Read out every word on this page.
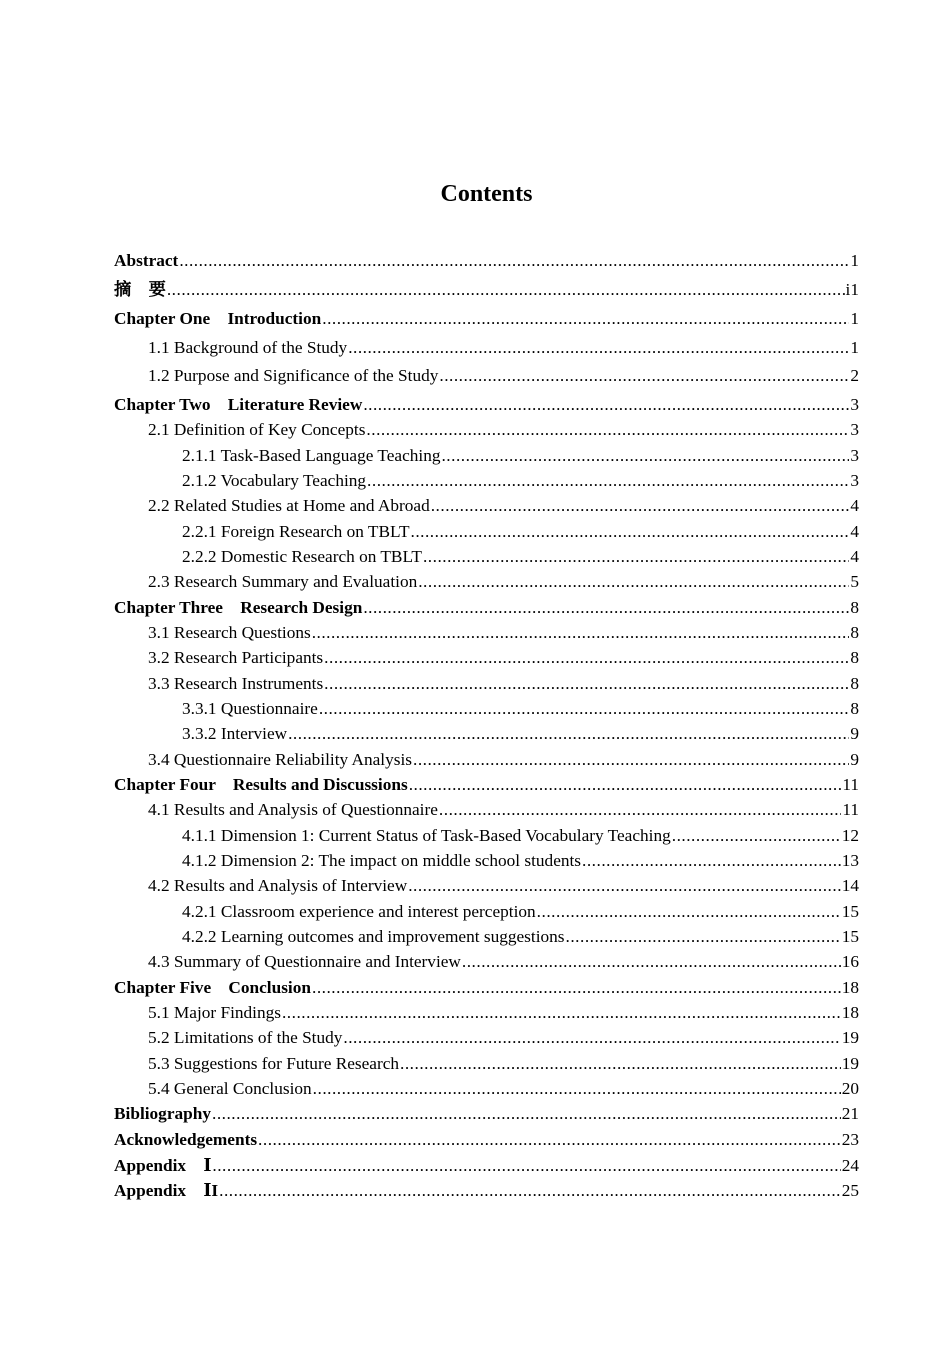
Contents
Abstract .....	1
摘　要 .....	i1
Chapter One　Introduction .....	1
1.1 Background of the Study .....	1
1.2 Purpose and Significance of the Study .....	2
Chapter Two　Literature Review .....	3
2.1 Definition of Key Concepts .....	3
2.1.1 Task-Based Language Teaching .....	3
2.1.2 Vocabulary Teaching .....	3
2.2 Related Studies at Home and Abroad .....	4
2.2.1 Foreign Research on TBLT .....	4
2.2.2 Domestic Research on TBLT .....	4
2.3 Research Summary and Evaluation .....	5
Chapter Three　Research Design .....	8
3.1 Research Questions .....	8
3.2 Research Participants .....	8
3.3 Research Instruments .....	8
3.3.1 Questionnaire .....	8
3.3.2 Interview .....	9
3.4 Questionnaire Reliability Analysis .....	9
Chapter Four　Results and Discussions .....	11
4.1 Results and Analysis of Questionnaire .....	11
4.1.1 Dimension 1: Current Status of Task-Based Vocabulary Teaching .....	12
4.1.2 Dimension 2: The impact on middle school students .....	13
4.2 Results and Analysis of Interview .....	14
4.2.1 Classroom experience and interest perception .....	15
4.2.2 Learning outcomes and improvement suggestions .....	15
4.3 Summary of Questionnaire and Interview .....	16
Chapter Five　Conclusion .....	18
5.1 Major Findings .....	18
5.2 Limitations of the Study .....	19
5.3 Suggestions for Future Research .....	19
5.4 General Conclusion .....	20
Bibliography .....	21
Acknowledgements .....	23
Appendix　Ⅰ .....	24
Appendix　ⅠI .....	25
